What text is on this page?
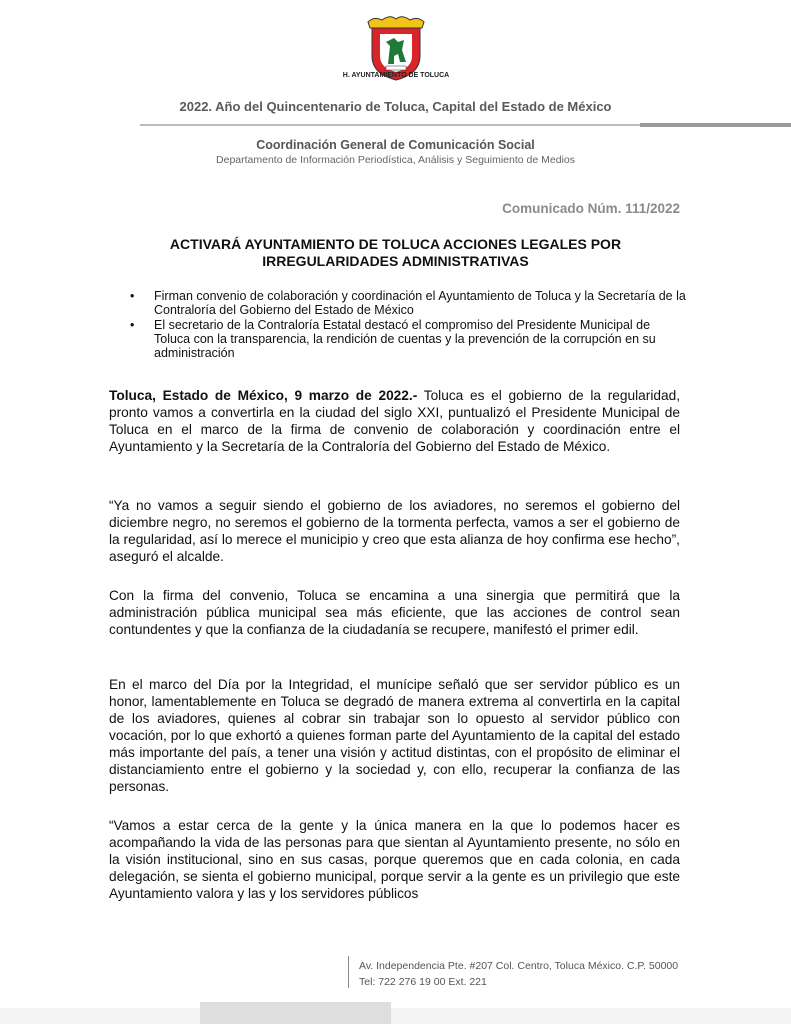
H. AYUNTAMIENTO DE TOLUCA
2022. Año del Quincentenario de Toluca, Capital del Estado de México
Coordinación General de Comunicación Social
Departamento de Información Periodística, Análisis y Seguimiento de Medios
Comunicado Núm. 111/2022
ACTIVARÁ AYUNTAMIENTO DE TOLUCA ACCIONES LEGALES POR IRREGULARIDADES ADMINISTRATIVAS
• Firman convenio de colaboración y coordinación el Ayuntamiento de Toluca y la Secretaría de la Contraloría del Gobierno del Estado de México
• El secretario de la Contraloría Estatal destacó el compromiso del Presidente Municipal de Toluca con la transparencia, la rendición de cuentas y la prevención de la corrupción en su administración
Toluca, Estado de México, 9 marzo de 2022.- Toluca es el gobierno de la regularidad, pronto vamos a convertirla en la ciudad del siglo XXI, puntualizó el Presidente Municipal de Toluca en el marco de la firma de convenio de colaboración y coordinación entre el Ayuntamiento y la Secretaría de la Contraloría del Gobierno del Estado de México.
“Ya no vamos a seguir siendo el gobierno de los aviadores, no seremos el gobierno del diciembre negro, no seremos el gobierno de la tormenta perfecta, vamos a ser el gobierno de la regularidad, así lo merece el municipio y creo que esta alianza de hoy confirma ese hecho”, aseguró el alcalde.
Con la firma del convenio, Toluca se encamina a una sinergia que permitirá que la administración pública municipal sea más eficiente, que las acciones de control sean contundentes y que la confianza de la ciudadanía se recupere, manifestó el primer edil.
En el marco del Día por la Integridad, el munícipe señaló que ser servidor público es un honor, lamentablemente en Toluca se degradó de manera extrema al convertirla en la capital de los aviadores, quienes al cobrar sin trabajar son lo opuesto al servidor público con vocación, por lo que exhortó a quienes forman parte del Ayuntamiento de la capital del estado más importante del país, a tener una visión y actitud distintas, con el propósito de eliminar el distanciamiento entre el gobierno y la sociedad y, con ello, recuperar la confianza de las personas.
“Vamos a estar cerca de la gente y la única manera en la que lo podemos hacer es acompañando la vida de las personas para que sientan al Ayuntamiento presente, no sólo en la visión institucional, sino en sus casas, porque queremos que en cada colonia, en cada delegación, se sienta el gobierno municipal, porque servir a la gente es un privilegio que este Ayuntamiento valora y las y los servidores públicos
Av. Independencia Pte. #207 Col. Centro, Toluca México. C.P. 50000
Tel: 722 276 19 00 Ext. 221
